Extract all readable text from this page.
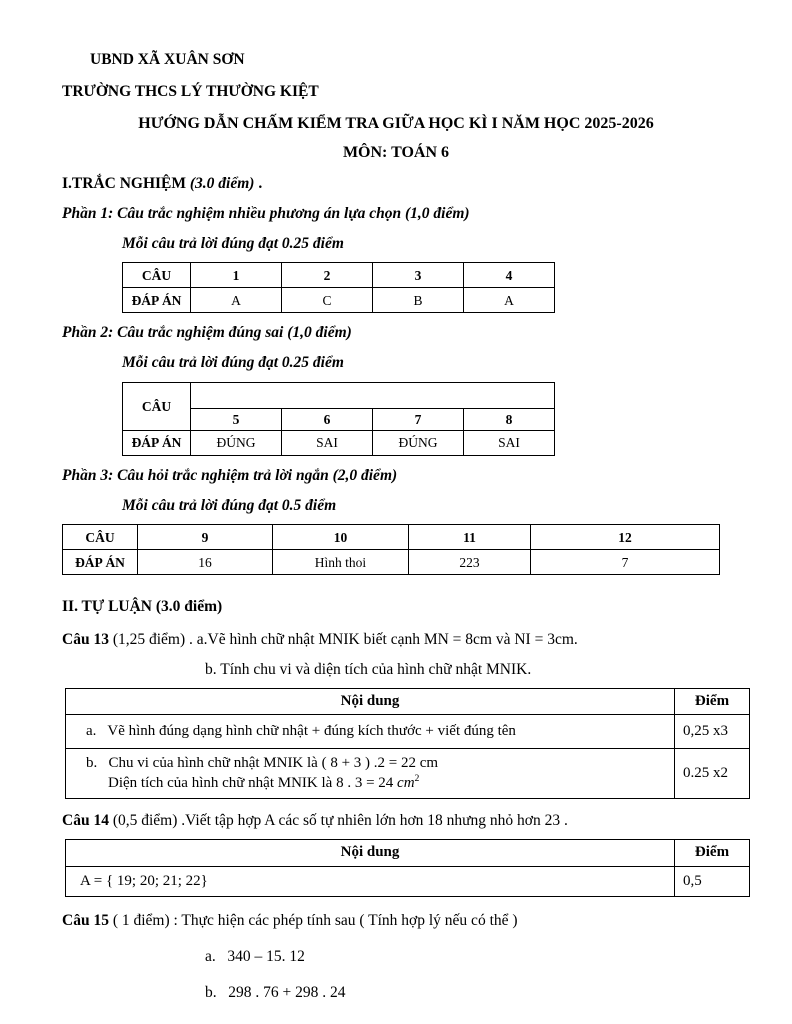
UBND XÃ XUÂN SƠN
TRƯỜNG THCS LÝ THƯỜNG KIỆT
HƯỚNG DẪN CHẤM KIỂM TRA GIỮA HỌC KÌ I NĂM HỌC 2025-2026
MÔN: TOÁN 6
I.TRẮC NGHIỆM (3.0 điểm) .
Phần 1: Câu trắc nghiệm nhiều phương án lựa chọn (1,0 điểm)
Mỗi câu trả lời đúng đạt 0.25 điểm
CÂU	1	2	3	4
ĐÁP ÁN	A	C	B	A
Phần 2: Câu trắc nghiệm đúng sai (1,0 điểm)
Mỗi câu trả lời đúng đạt 0.25 điểm
CÂU				
	5	6	7	8
ĐÁP ÁN	ĐÚNG	SAI	ĐÚNG	SAI
Phần 3: Câu hỏi trắc nghiệm trả lời ngắn (2,0 điểm)
Mỗi câu trả lời đúng đạt 0.5 điểm
CÂU	9	10	11	12
ĐÁP ÁN	16	Hình thoi	223	7
II. TỰ LUẬN (3.0 điểm)
Câu 13 (1,25 điểm) . a.Vẽ hình chữ nhật MNIK biết cạnh MN = 8cm và NI = 3cm.
b. Tính chu vi và diện tích của hình chữ nhật MNIK.
Nội dung	Điểm
a.   Vẽ hình đúng dạng hình chữ nhật + đúng kích thước + viết đúng tên	0,25 x3

b.   Chu vi của hình chữ nhật MNIK là ( 8 + 3 ) .2 = 22 cm
Diện tích của hình chữ nhật MNIK là 8 . 3 = 24 $cm^2$	0.25 x2
Câu 14 (0,5 điểm) .Viết tập hợp A các số tự nhiên lớn hơn 18 nhưng nhỏ hơn 23 .
Nội dung	Điểm
A = { 19; 20; 21; 22}	0,5
Câu 15 ( 1 điểm) : Thực hiện các phép tính sau ( Tính hợp lý nếu có thể )
a.   340 – 15. 12
b.   298 . 76 + 298 . 24
